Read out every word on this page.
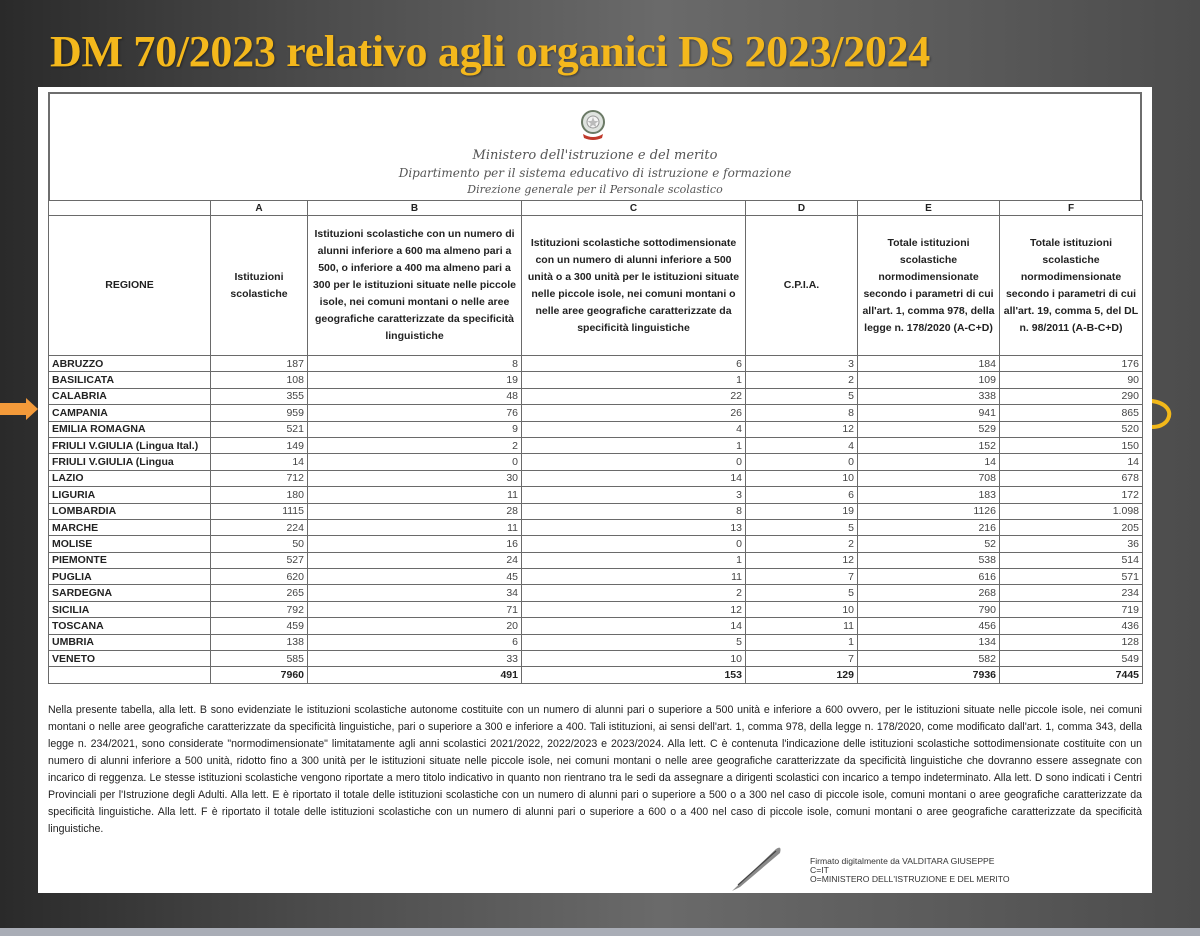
DM 70/2023 relativo agli organici DS 2023/2024
Ministero dell'istruzione e del merito
Dipartimento per il sistema educativo di istruzione e formazione
Direzione generale per il Personale scolastico
	A	B	C	D	E	F
REGIONE	Istituzioni scolastiche	Istituzioni scolastiche con un numero di alunni inferiore a 600 ma almeno pari a 500, o inferiore a 400 ma almeno pari a 300 per le istituzioni situate nelle piccole isole, nei comuni montani o nelle aree geografiche caratterizzate da specificità linguistiche	Istituzioni scolastiche sottodimensionate con un numero di alunni inferiore a 500 unità o a 300 unità per le istituzioni situate nelle piccole isole, nei comuni montani o nelle aree geografiche caratterizzate da specificità linguistiche	C.P.I.A.	Totale istituzioni scolastiche normodimensionate secondo i parametri di cui all'art. 1, comma 978, della legge n. 178/2020 (A-C+D)	Totale istituzioni scolastiche normodimensionate secondo i parametri di cui all'art. 19, comma 5, del DL n. 98/2011 (A-B-C+D)
ABRUZZO	187	8	6	3	184	176
BASILICATA	108	19	1	2	109	90
CALABRIA	355	48	22	5	338	290
CAMPANIA	959	76	26	8	941	865
EMILIA ROMAGNA	521	9	4	12	529	520
FRIULI V.GIULIA (Lingua Ital.)	149	2	1	4	152	150
FRIULI V.GIULIA (Lingua	14	0	0	0	14	14
LAZIO	712	30	14	10	708	678
LIGURIA	180	11	3	6	183	172
LOMBARDIA	1115	28	8	19	1126	1.098
MARCHE	224	11	13	5	216	205
MOLISE	50	16	0	2	52	36
PIEMONTE	527	24	1	12	538	514
PUGLIA	620	45	11	7	616	571
SARDEGNA	265	34	2	5	268	234
SICILIA	792	71	12	10	790	719
TOSCANA	459	20	14	11	456	436
UMBRIA	138	6	5	1	134	128
VENETO	585	33	10	7	582	549
	7960	491	153	129	7936	7445

Nella presente tabella, alla lett. B sono evidenziate le istituzioni scolastiche autonome costituite con un numero di alunni pari o superiore a 500 unità e inferiore a 600 ovvero, per le istituzioni situate nelle piccole isole, nei comuni montani o nelle aree geografiche caratterizzate da specificità linguistiche, pari o superiore a 300 e inferiore a 400. Tali istituzioni, ai sensi dell'art. 1, comma 978, della legge n. 178/2020, come modificato dall'art. 1, comma 343, della legge n. 234/2021, sono considerate "normodimensionate" limitatamente agli anni scolastici 2021/2022, 2022/2023 e 2023/2024. Alla lett. C è contenuta l'indicazione delle istituzioni scolastiche sottodimensionate costituite con un numero di alunni inferiore a 500 unità, ridotto fino a 300 unità per le istituzioni situate nelle piccole isole, nei comuni montani o nelle aree geografiche caratterizzate da specificità linguistiche che dovranno essere assegnate con incarico di reggenza. Le stesse istituzioni scolastiche vengono riportate a mero titolo indicativo in quanto non rientrano tra le sedi da assegnare a dirigenti scolastici con incarico a tempo indeterminato. Alla lett. D sono indicati i Centri Provinciali per l'Istruzione degli Adulti. Alla lett. E è riportato il totale delle istituzioni scolastiche con un numero di alunni pari o superiore a 500 o a 300 nel caso di piccole isole, comuni montani o aree geografiche caratterizzate da specificità linguistiche. Alla lett. F è riportato il totale delle istituzioni scolastiche con un numero di alunni pari o superiore a 600 o a 400 nel caso di piccole isole, comuni montani o aree geografiche caratterizzate da specificità linguistiche.

Firmato digitalmente da VALDITARA GIUSEPPE
C=IT
O=MINISTERO DELL'ISTRUZIONE E DEL MERITO
